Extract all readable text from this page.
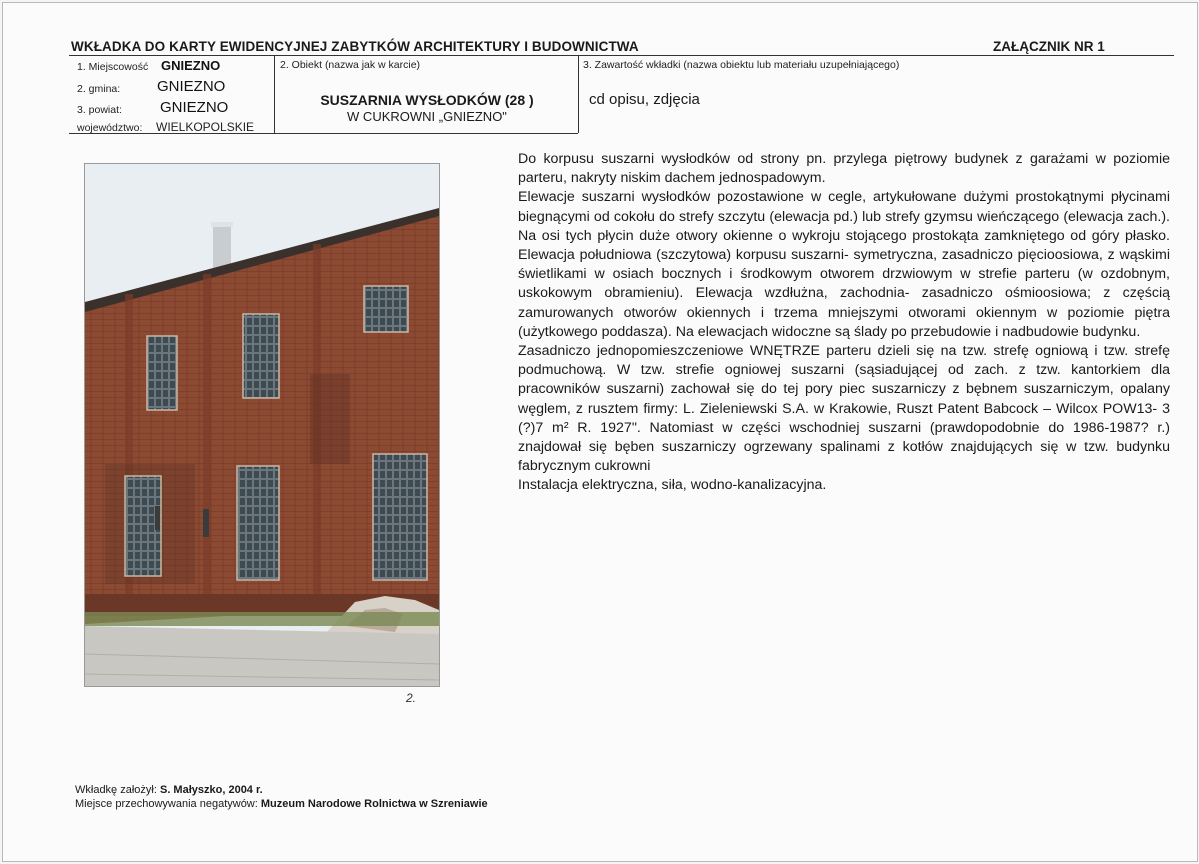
WKŁADKA DO KARTY EWIDENCYJNEJ ZABYTKÓW ARCHITEKTURY I BUDOWNICTWA	ZAŁĄCZNIK NR 1
1. Miejscowość GNIEZNO
2. gmina: GNIEZNO
3. powiat:	GNIEZNO
województwo: WIELKOPOLSKIE
2. Obiekt (nazwa jak w karcie)
SUSZARNIA WYSŁODKÓW (28 )
W CUKROWNI „GNIEZNO"
3. Zawartość wkładki (nazwa obiektu lub materiału uzupełniającego)
cd opisu, zdjęcia
2.

Do korpusu suszarni wysłodków od strony pn. przylega piętrowy budynek z garażami w poziomie parteru, nakryty niskim dachem jednospadowym.

Elewacje suszarni wysłodków pozostawione w cegle, artykułowane dużymi prostokątnymi płycinami biegnącymi od cokołu do strefy szczytu (elewacja pd.) lub strefy gzymsu wieńczącego (elewacja zach.). Na osi tych płycin duże otwory okienne o wykroju stojącego prostokąta zamkniętego od góry płasko. Elewacja południowa (szczytowa) korpusu suszarni- symetryczna, zasadniczo pięcioosiowa, z wąskimi świetlikami w osiach bocznych i środkowym otworem drzwiowym w strefie parteru (w ozdobnym, uskokowym obramieniu). Elewacja wzdłużna, zachodnia- zasadniczo ośmioosiowa; z częścią zamurowanych otworów okiennych i trzema mniejszymi otworami okiennym w poziomie piętra (użytkowego poddasza). Na elewacjach widoczne są ślady po przebudowie i nadbudowie budynku.

Zasadniczo jednopomieszczeniowe WNĘTRZE parteru dzieli się na tzw. strefę ogniową i tzw. strefę podmuchową. W tzw. strefie ogniowej suszarni (sąsiadującej od zach. z tzw. kantorkiem dla pracowników suszarni) zachował się do tej pory piec suszarniczy z bębnem suszarniczym, opalany węglem, z rusztem firmy: L. Zieleniewski S.A. w Krakowie, Ruszt Patent Babcock – Wilcox POW13- 3 (?)7 m² R. 1927". Natomiast w części wschodniej suszarni (prawdopodobnie do 1986-1987? r.) znajdował się bęben suszarniczy ogrzewany spalinami z kotłów znajdujących się w tzw. budynku fabrycznym cukrowni

Instalacja elektryczna, siła, wodno-kanalizacyjna.

Wkładkę założył: S. Małyszko, 2004 r.
Miejsce przechowywania negatywów: Muzeum Narodowe Rolnictwa w Szreniawie
